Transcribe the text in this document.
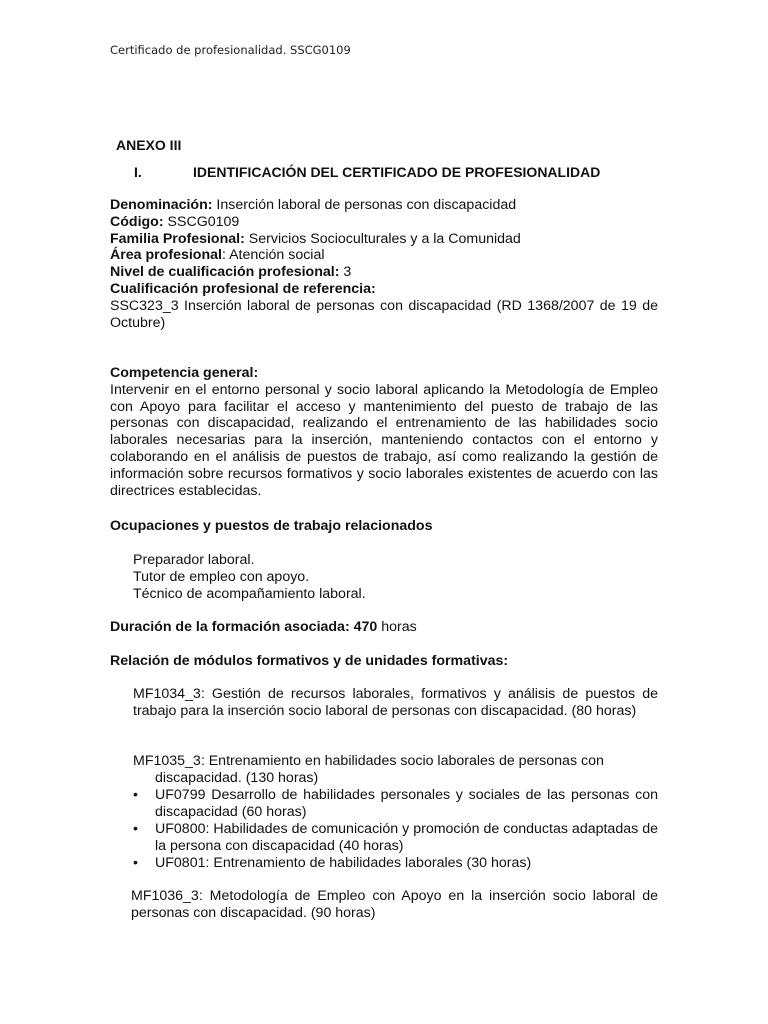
Certificado de profesionalidad. SSCG0109
ANEXO III
I.	IDENTIFICACIÓN DEL CERTIFICADO DE PROFESIONALIDAD
Denominación: Inserción laboral de personas con discapacidad
Código: SSCG0109
Familia Profesional: Servicios Socioculturales y a la Comunidad
Área profesional: Atención social
Nivel de cualificación profesional: 3
Cualificación profesional de referencia:
SSC323_3 Inserción laboral de personas con discapacidad (RD 1368/2007 de 19 de Octubre)
Competencia general:
Intervenir en el entorno personal y socio laboral aplicando la Metodología de Empleo con Apoyo para facilitar el acceso y mantenimiento del puesto de trabajo de las personas con discapacidad, realizando el entrenamiento de las habilidades socio laborales necesarias para la inserción, manteniendo contactos con el entorno y colaborando en el análisis de puestos de trabajo, así como realizando la gestión de información sobre recursos formativos y socio laborales existentes de acuerdo con las directrices establecidas.
Ocupaciones y puestos de trabajo relacionados
Preparador laboral.
Tutor de empleo con apoyo.
Técnico de acompañamiento laboral.
Duración de la formación asociada: 470 horas
Relación de módulos formativos y de unidades formativas:
MF1034_3: Gestión de recursos laborales, formativos y análisis de puestos de trabajo para la inserción socio laboral de personas con discapacidad. (80 horas)
MF1035_3: Entrenamiento en habilidades socio laborales de personas con
discapacidad. (130 horas)
• UF0799 Desarrollo de habilidades personales y sociales de las personas con discapacidad (60 horas)
• UF0800: Habilidades de comunicación y promoción de conductas adaptadas de la persona con discapacidad (40 horas)
• UF0801: Entrenamiento de habilidades laborales (30 horas)
MF1036_3: Metodología de Empleo con Apoyo en la inserción socio laboral de personas con discapacidad. (90 horas)
